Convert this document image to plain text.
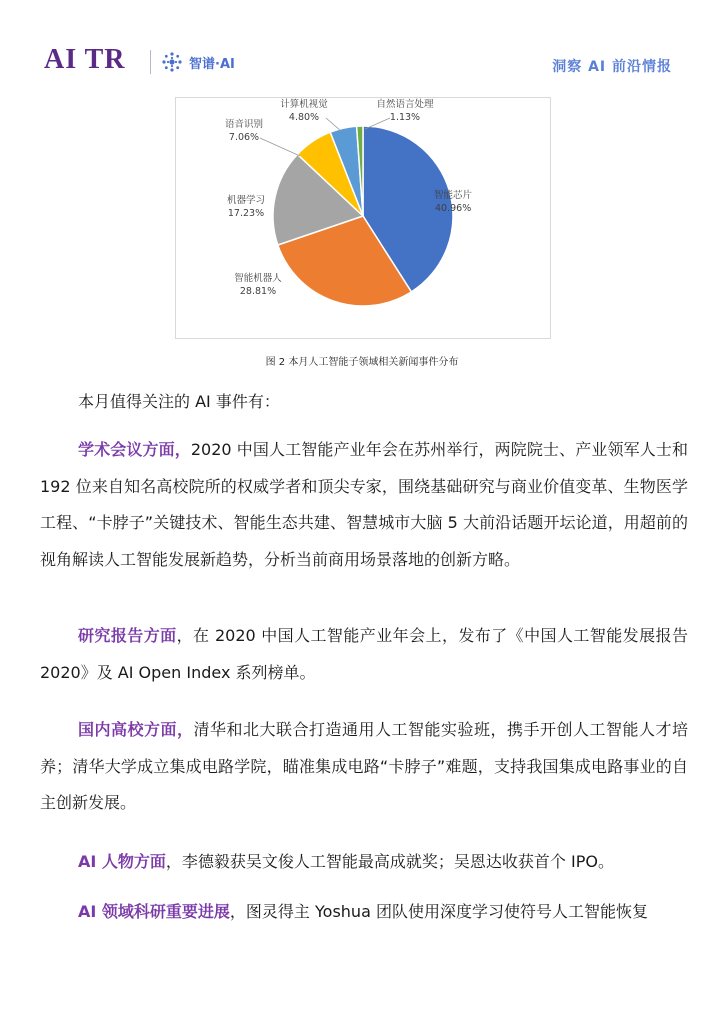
AI TR	智谱·AI	洞察 AI 前沿情报
智能芯片
40.96%
智能机器人
28.81%
机器学习
17.23%
语音识别
7.06%
计算机视觉
4.80%
自然语言处理
1.13%
图 2 本月人工智能子领域相关新闻事件分布
本月值得关注的 AI 事件有：
学术会议方面，2020 中国人工智能产业年会在苏州举行，两院院士、产业领军人士和 192 位来自知名高校院所的权威学者和顶尖专家，围绕基础研究与商业价值变革、生物医学工程、“卡脖子”关键技术、智能生态共建、智慧城市大脑 5 大前沿话题开坛论道，用超前的视角解读人工智能发展新趋势，分析当前商用场景落地的创新方略。
研究报告方面，在 2020 中国人工智能产业年会上，发布了《中国人工智能发展报告 2020》及 AI Open Index 系列榜单。
国内高校方面，清华和北大联合打造通用人工智能实验班，携手开创人工智能人才培养；清华大学成立集成电路学院，瞄准集成电路“卡脖子”难题，支持我国集成电路事业的自主创新发展。
AI 人物方面，李德毅获吴文俊人工智能最高成就奖；吴恩达收获首个 IPO。
AI 领域科研重要进展，图灵得主 Yoshua 团队使用深度学习使符号人工智能恢复
